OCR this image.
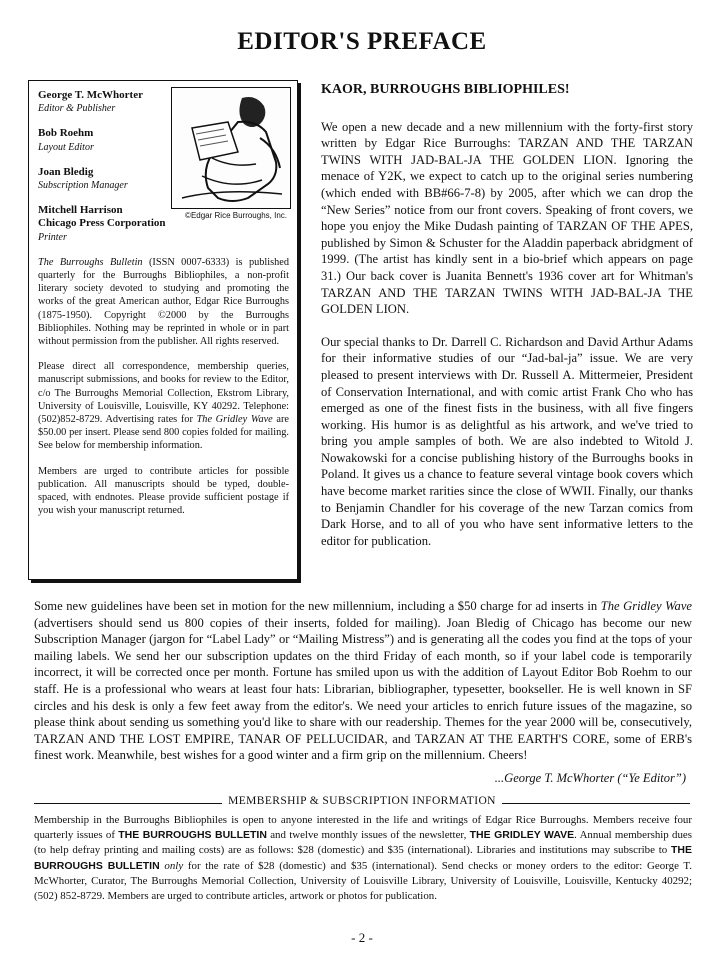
EDITOR'S PREFACE
©Edgar Rice Burroughs, Inc.
George T. McWhorter
Editor & Publisher
Bob Roehm
Layout Editor
Joan Bledig
Subscription Manager
Mitchell Harrison
Chicago Press Corporation
Printer

The Burroughs Bulletin (ISSN 0007-6333) is published quarterly for the Burroughs Bibliophiles, a non-profit literary society devoted to studying and promoting the works of the great American author, Edgar Rice Burroughs (1875-1950). Copyright ©2000 by the Burroughs Bibliophiles. Nothing may be reprinted in whole or in part without permission from the publisher. All rights reserved.

Please direct all correspondence, membership queries, manuscript submissions, and books for review to the Editor, c/o The Burroughs Memorial Collection, Ekstrom Library, University of Louisville, Louisville, KY 40292. Telephone: (502)852-8729. Advertising rates for The Gridley Wave are $50.00 per insert. Please send 800 copies folded for mailing. See below for membership information.

Members are urged to contribute articles for possible publication. All manuscripts should be typed, double-spaced, with endnotes. Please provide sufficient postage if you wish your manuscript returned.

KAOR, BURROUGHS BIBLIOPHILES!

We open a new decade and a new millennium with the forty-first story written by Edgar Rice Burroughs: TARZAN AND THE TARZAN TWINS WITH JAD-BAL-JA THE GOLDEN LION. Ignoring the menace of Y2K, we expect to catch up to the original series numbering (which ended with BB#66-7-8) by 2005, after which we can drop the “New Series” notice from our front covers. Speaking of front covers, we hope you enjoy the Mike Dudash painting of TARZAN OF THE APES, published by Simon & Schuster for the Aladdin paperback abridgment of 1999. (The artist has kindly sent in a bio-brief which appears on page 31.) Our back cover is Juanita Bennett's 1936 cover art for Whitman's TARZAN AND THE TARZAN TWINS WITH JAD-BAL-JA THE GOLDEN LION.

Our special thanks to Dr. Darrell C. Richardson and David Arthur Adams for their informative studies of our “Jad-bal-ja” issue. We are very pleased to present interviews with Dr. Russell A. Mittermeier, President of Conservation International, and with comic artist Frank Cho who has emerged as one of the finest fists in the business, with all five fingers working. His humor is as delightful as his artwork, and we've tried to bring you ample samples of both. We are also indebted to Witold J. Nowakowski for a concise publishing history of the Burroughs books in Poland. It gives us a chance to feature several vintage book covers which have become market rarities since the close of WWII. Finally, our thanks to Benjamin Chandler for his coverage of the new Tarzan comics from Dark Horse, and to all of you who have sent informative letters to the editor for publication.

Some new guidelines have been set in motion for the new millennium, including a $50 charge for ad inserts in The Gridley Wave (advertisers should send us 800 copies of their inserts, folded for mailing). Joan Bledig of Chicago has become our new Subscription Manager (jargon for “Label Lady” or “Mailing Mistress”) and is generating all the codes you find at the tops of your mailing labels. We send her our subscription updates on the third Friday of each month, so if your label code is temporarily incorrect, it will be corrected once per month. Fortune has smiled upon us with the addition of Layout Editor Bob Roehm to our staff. He is a professional who wears at least four hats: Librarian, bibliographer, typesetter, bookseller. He is well known in SF circles and his desk is only a few feet away from the editor's. We need your articles to enrich future issues of the magazine, so please think about sending us something you'd like to share with our readership. Themes for the year 2000 will be, consecutively, TARZAN AND THE LOST EMPIRE, TANAR OF PELLUCIDAR, and TARZAN AT THE EARTH'S CORE, some of ERB's finest work. Meanwhile, best wishes for a good winter and a firm grip on the millennium. Cheers!

...George T. McWhorter (“Ye Editor”)
MEMBERSHIP & SUBSCRIPTION INFORMATION

Membership in the Burroughs Bibliophiles is open to anyone interested in the life and writings of Edgar Rice Burroughs. Members receive four quarterly issues of THE BURROUGHS BULLETIN and twelve monthly issues of the newsletter, THE GRIDLEY WAVE. Annual membership dues (to help defray printing and mailing costs) are as follows: $28 (domestic) and $35 (international). Libraries and institutions may subscribe to THE BURROUGHS BULLETIN only for the rate of $28 (domestic) and $35 (international). Send checks or money orders to the editor: George T. McWhorter, Curator, The Burroughs Memorial Collection, University of Louisville Library, University of Louisville, Louisville, Kentucky 40292; (502) 852-8729. Members are urged to contribute articles, artwork or photos for publication.

- 2 -
